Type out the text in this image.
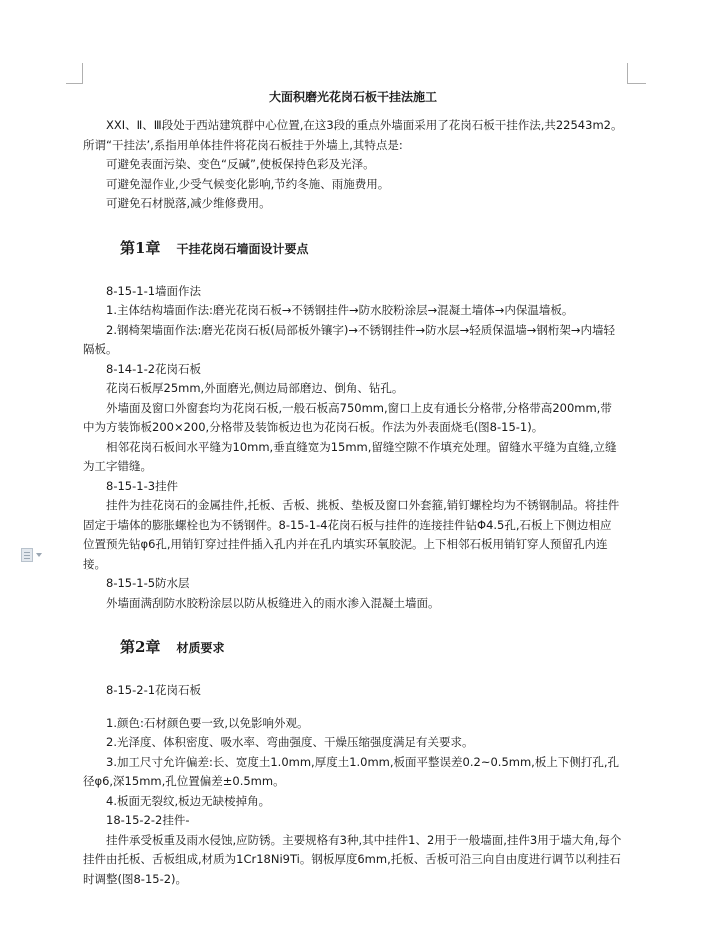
大面积磨光花岗石板干挂法施工
XXI、Ⅱ、Ⅲ段处于西站建筑群中心位置,在这3段的重点外墙面采用了花岗石板干挂作法,共22543m2。所谓“干挂法’,系指用单体挂件将花岗石板挂于外墙上,其特点是:
可避免表面污染、变色“反碱”,使板保持色彩及光泽。
可避免湿作业,少受气候变化影响,节约冬施、雨施费用。
可避免石材脱落,减少维修费用。
第1章 干挂花岗石墙面设计要点
8-15-1-1墙面作法
1.主体结构墙面作法:磨光花岗石板→不锈钢挂件→防水胶粉涂层→混凝土墙体→内保温墙板。
2.钢椅架墙面作法:磨光花岗石板(局部板外镶字)→不锈钢挂件→防水层→轻质保温墙→钢桁架→内墙轻隔板。
8-14-1-2花岗石板
花岗石板厚25mm,外面磨光,侧边局部磨边、倒角、钻孔。
外墙面及窗口外窗套均为花岗石板,一般石板高750mm,窗口上皮有通长分格带,分格带高200mm,带中为方装饰板200×200,分格带及装饰板边也为花岗石板。作法为外表面烧毛(图8-15-1)。
相邻花岗石板间水平缝为10mm,垂直缝宽为15mm,留缝空隙不作填充处理。留缝水平缝为直缝,立缝为工字错缝。
8-15-1-3挂件
挂件为挂花岗石的金属挂件,托板、舌板、挑板、垫板及窗口外套箍,销钉螺栓均为不锈钢制品。将挂件固定于墙体的膨胀螺栓也为不锈钢件。8-15-1-4花岗石板与挂件的连接挂件钻Φ4.5孔,石板上下侧边相应位置预先钻φ6孔,用销钉穿过挂件插入孔内并在孔内填实环氧胶泥。上下相邻石板用销钉穿人预留孔内连接。
8-15-1-5防水层
外墙面满刮防水胶粉涂层以防从板缝进入的雨水渗入混凝土墙面。
第2章 材质要求
8-15-2-1花岗石板
1.颜色:石材颜色要一致,以免影响外观。
2.光泽度、体积密度、吸水率、弯曲强度、干燥压缩强度满足有关要求。
3.加工尺寸允许偏差:长、宽度土1.0mm,厚度土1.0mm,板面平整误差0.2~0.5mm,板上下侧打孔,孔径φ6,深15mm,孔位置偏差±0.5mm。
4.板面无裂纹,板边无缺棱掉角。
18-15-2-2挂件-
挂件承受板重及雨水侵蚀,应防锈。主要规格有3种,其中挂件1、2用于一般墙面,挂件3用于墙大角,每个挂件由托板、舌板组成,材质为1Cr18Ni9Ti。钢板厚度6mm,托板、舌板可沿三向自由度进行调节以利挂石时调整(图8-15-2)。
